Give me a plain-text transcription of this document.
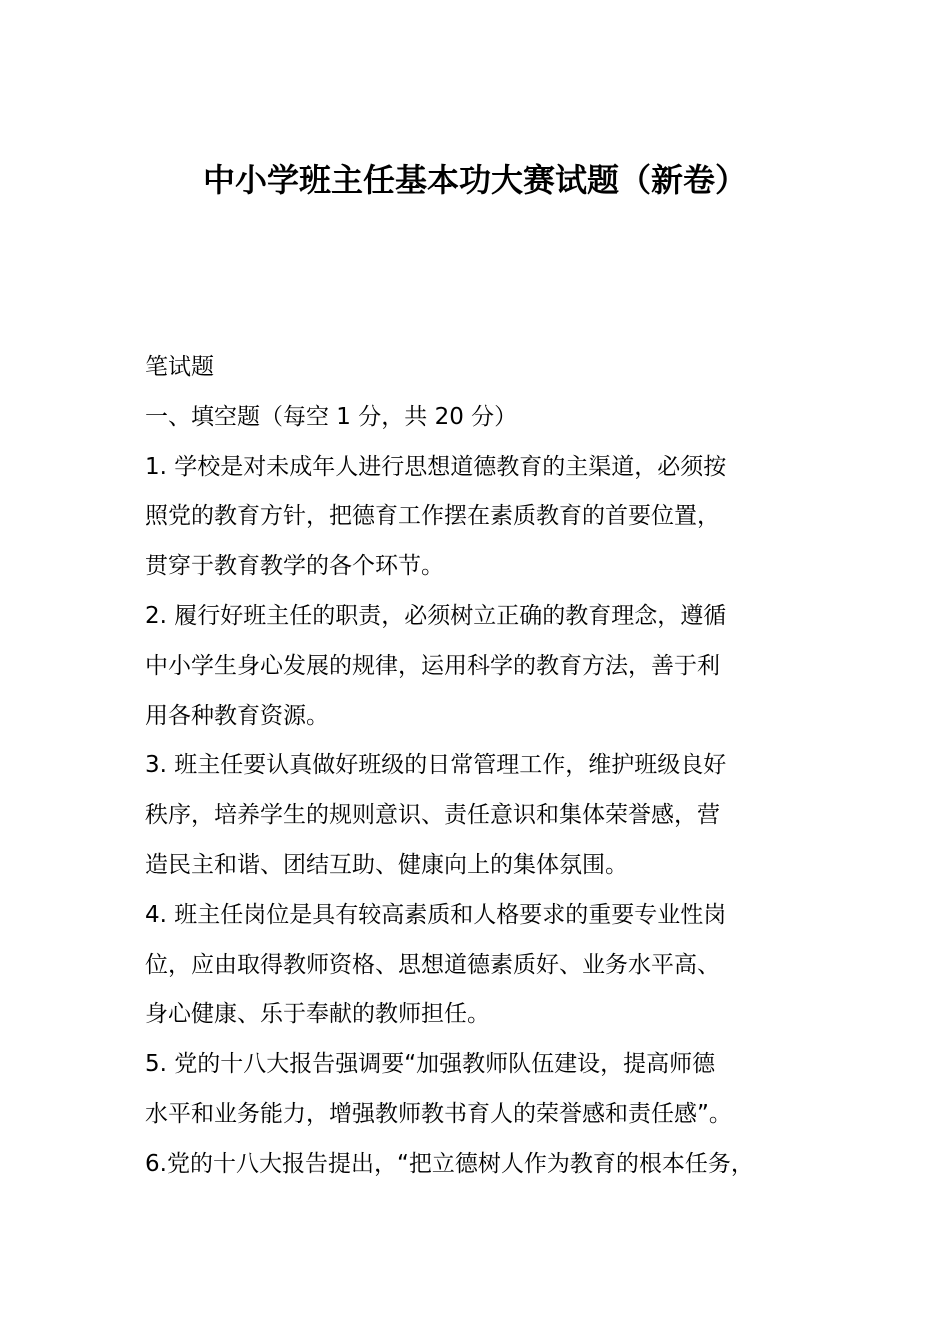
中小学班主任基本功大赛试题（新卷）
笔试题
一、填空题（每空 1 分，共 20 分）
1. 学校是对未成年人进行思想道德教育的主渠道，必须按
照党的教育方针，把德育工作摆在素质教育的首要位置，
贯穿于教育教学的各个环节。
2. 履行好班主任的职责，必须树立正确的教育理念，遵循
中小学生身心发展的规律，运用科学的教育方法，善于利
用各种教育资源。
3. 班主任要认真做好班级的日常管理工作，维护班级良好
秩序，培养学生的规则意识、责任意识和集体荣誉感，营
造民主和谐、团结互助、健康向上的集体氛围。
4. 班主任岗位是具有较高素质和人格要求的重要专业性岗
位，应由取得教师资格、思想道德素质好、业务水平高、
身心健康、乐于奉献的教师担任。
5. 党的十八大报告强调要“加强教师队伍建设，提高师德
水平和业务能力，增强教师教书育人的荣誉感和责任感”。
6.党的十八大报告提出，“把立德树人作为教育的根本任务，
